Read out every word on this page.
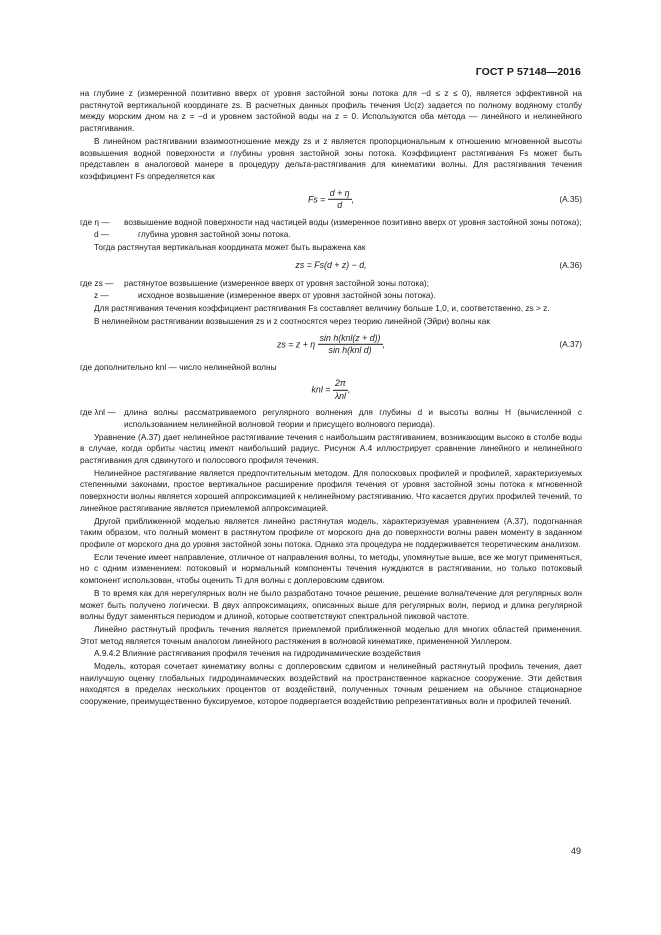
ГОСТ Р 57148—2016

на глубине z (измеренной позитивно вверх от уровня застойной зоны потока для −d ≤ z ≤ 0), является эффективной на растянутой вертикальной координате zs. В расчетных данных профиль течения Uc(z) задается по полному водяному столбу между морским дном на z = −d и уровнем застойной воды на z = 0. Используются оба метода — линейного и нелинейного растягивания.

В линейном растягивании взаимоотношение между zs и z является пропорциональным к отношению мгновенной высоты возвышения водной поверхности и глубины уровня застойной зоны потока. Коэффициент растягивания Fs может быть представлен в аналоговой манере в процедуру дельта-растягивания для кинематики волны. Для растягивания течения коэффициент Fs определяется как

$Fs = \frac{d + \eta}{d}$ ,	(А.35)
где η —	возвышение водной поверхности над частицей воды (измеренное позитивно вверх от уровня застойной зоны потока);
d —	глубина уровня застойной зоны потока.

Тогда растянутая вертикальная координата может быть выражена как

zs = Fs(d + z) − d,	(А.36)
где zs —	растянутое возвышение (измеренное вверх от уровня застойной зоны потока);
z —	исходное возвышение (измеренное вверх от уровня застойной зоны потока).

Для растягивания течения коэффициент растягивания Fs составляет величину больше 1,0, и, соответственно, zs > z.

В нелинейном растягивании возвышения zs и z соотносятся через теорию линейной (Эйри) волны как

zs = z + η $\frac{\text{sin h(knl(z + d))}}{\text{sin h(knl d)}}$ ,	(А.37)

где дополнительно knl — число нелинейной волны

knl = $\frac{2\pi}{\text{λnl}}$ ,
где λnl —	длина волны рассматриваемого регулярного волнения для глубины d и высоты волны H (вычисленной с использованием нелинейной волновой теории и присущего волнового периода).

Уравнение (А.37) дает нелинейное растягивание течения с наибольшим растягиванием, возникающим высоко в столбе воды в случае, когда орбиты частиц имеют наибольший радиус. Рисунок А.4 иллюстрирует сравнение линейного и нелинейного растягивания для сдвинутого и полосового профиля течения.

Нелинейное растягивание является предпочтительным методом. Для полосковых профилей и профилей, характеризуемых степенными законами, простое вертикальное расширение профиля течения от уровня застойной зоны потока к мгновенной поверхности волны является хорошей аппроксимацией к нелинейному растягиванию. Что касается других профилей течений, то линейное растягивание является приемлемой аппроксимацией.

Другой приближенной моделью является линейно растянутая модель, характеризуемая уравнением (А.37), подогнанная таким образом, что полный момент в растянутом профиле от морского дна до поверхности волны равен моменту в заданном профиле от морского дна до уровня застойной зоны потока. Однако эта процедура не поддерживается теоретическим анализом.

Если течение имеет направление, отличное от направления волны, то методы, упомянутые выше, все же могут применяться, но с одним изменением: потоковый и нормальный компоненты течения нуждаются в растягивании, но только потоковый компонент использован, чтобы оценить Ti для волны с доплеровским сдвигом.

В то время как для нерегулярных волн не было разработано точное решение, решение волна/течение для регулярных волн может быть получено логически. В двух аппроксимациях, описанных выше для регулярных волн, период и длина регулярной волны будут заменяться периодом и длиной, которые соответствуют спектральной пиковой частоте.

Линейно растянутый профиль течения является приемлемой приближенной моделью для многих областей применения. Этот метод является точным аналогом линейного растяжения в волновой кинематике, примененной Уиллером.

А.9.4.2 Влияние растягивания профиля течения на гидродинамические воздействия

Модель, которая сочетает кинематику волны с доплеровским сдвигом и нелинейный растянутый профиль течения, дает наилучшую оценку глобальных гидродинамических воздействий на пространственное каркасное сооружение. Эти действия находятся в пределах нескольких процентов от воздействий, полученных точным решением на обычное стационарное сооружение, преимущественно буксируемое, которое подвергается воздействию репрезентативных волн и профилей течений.

49
